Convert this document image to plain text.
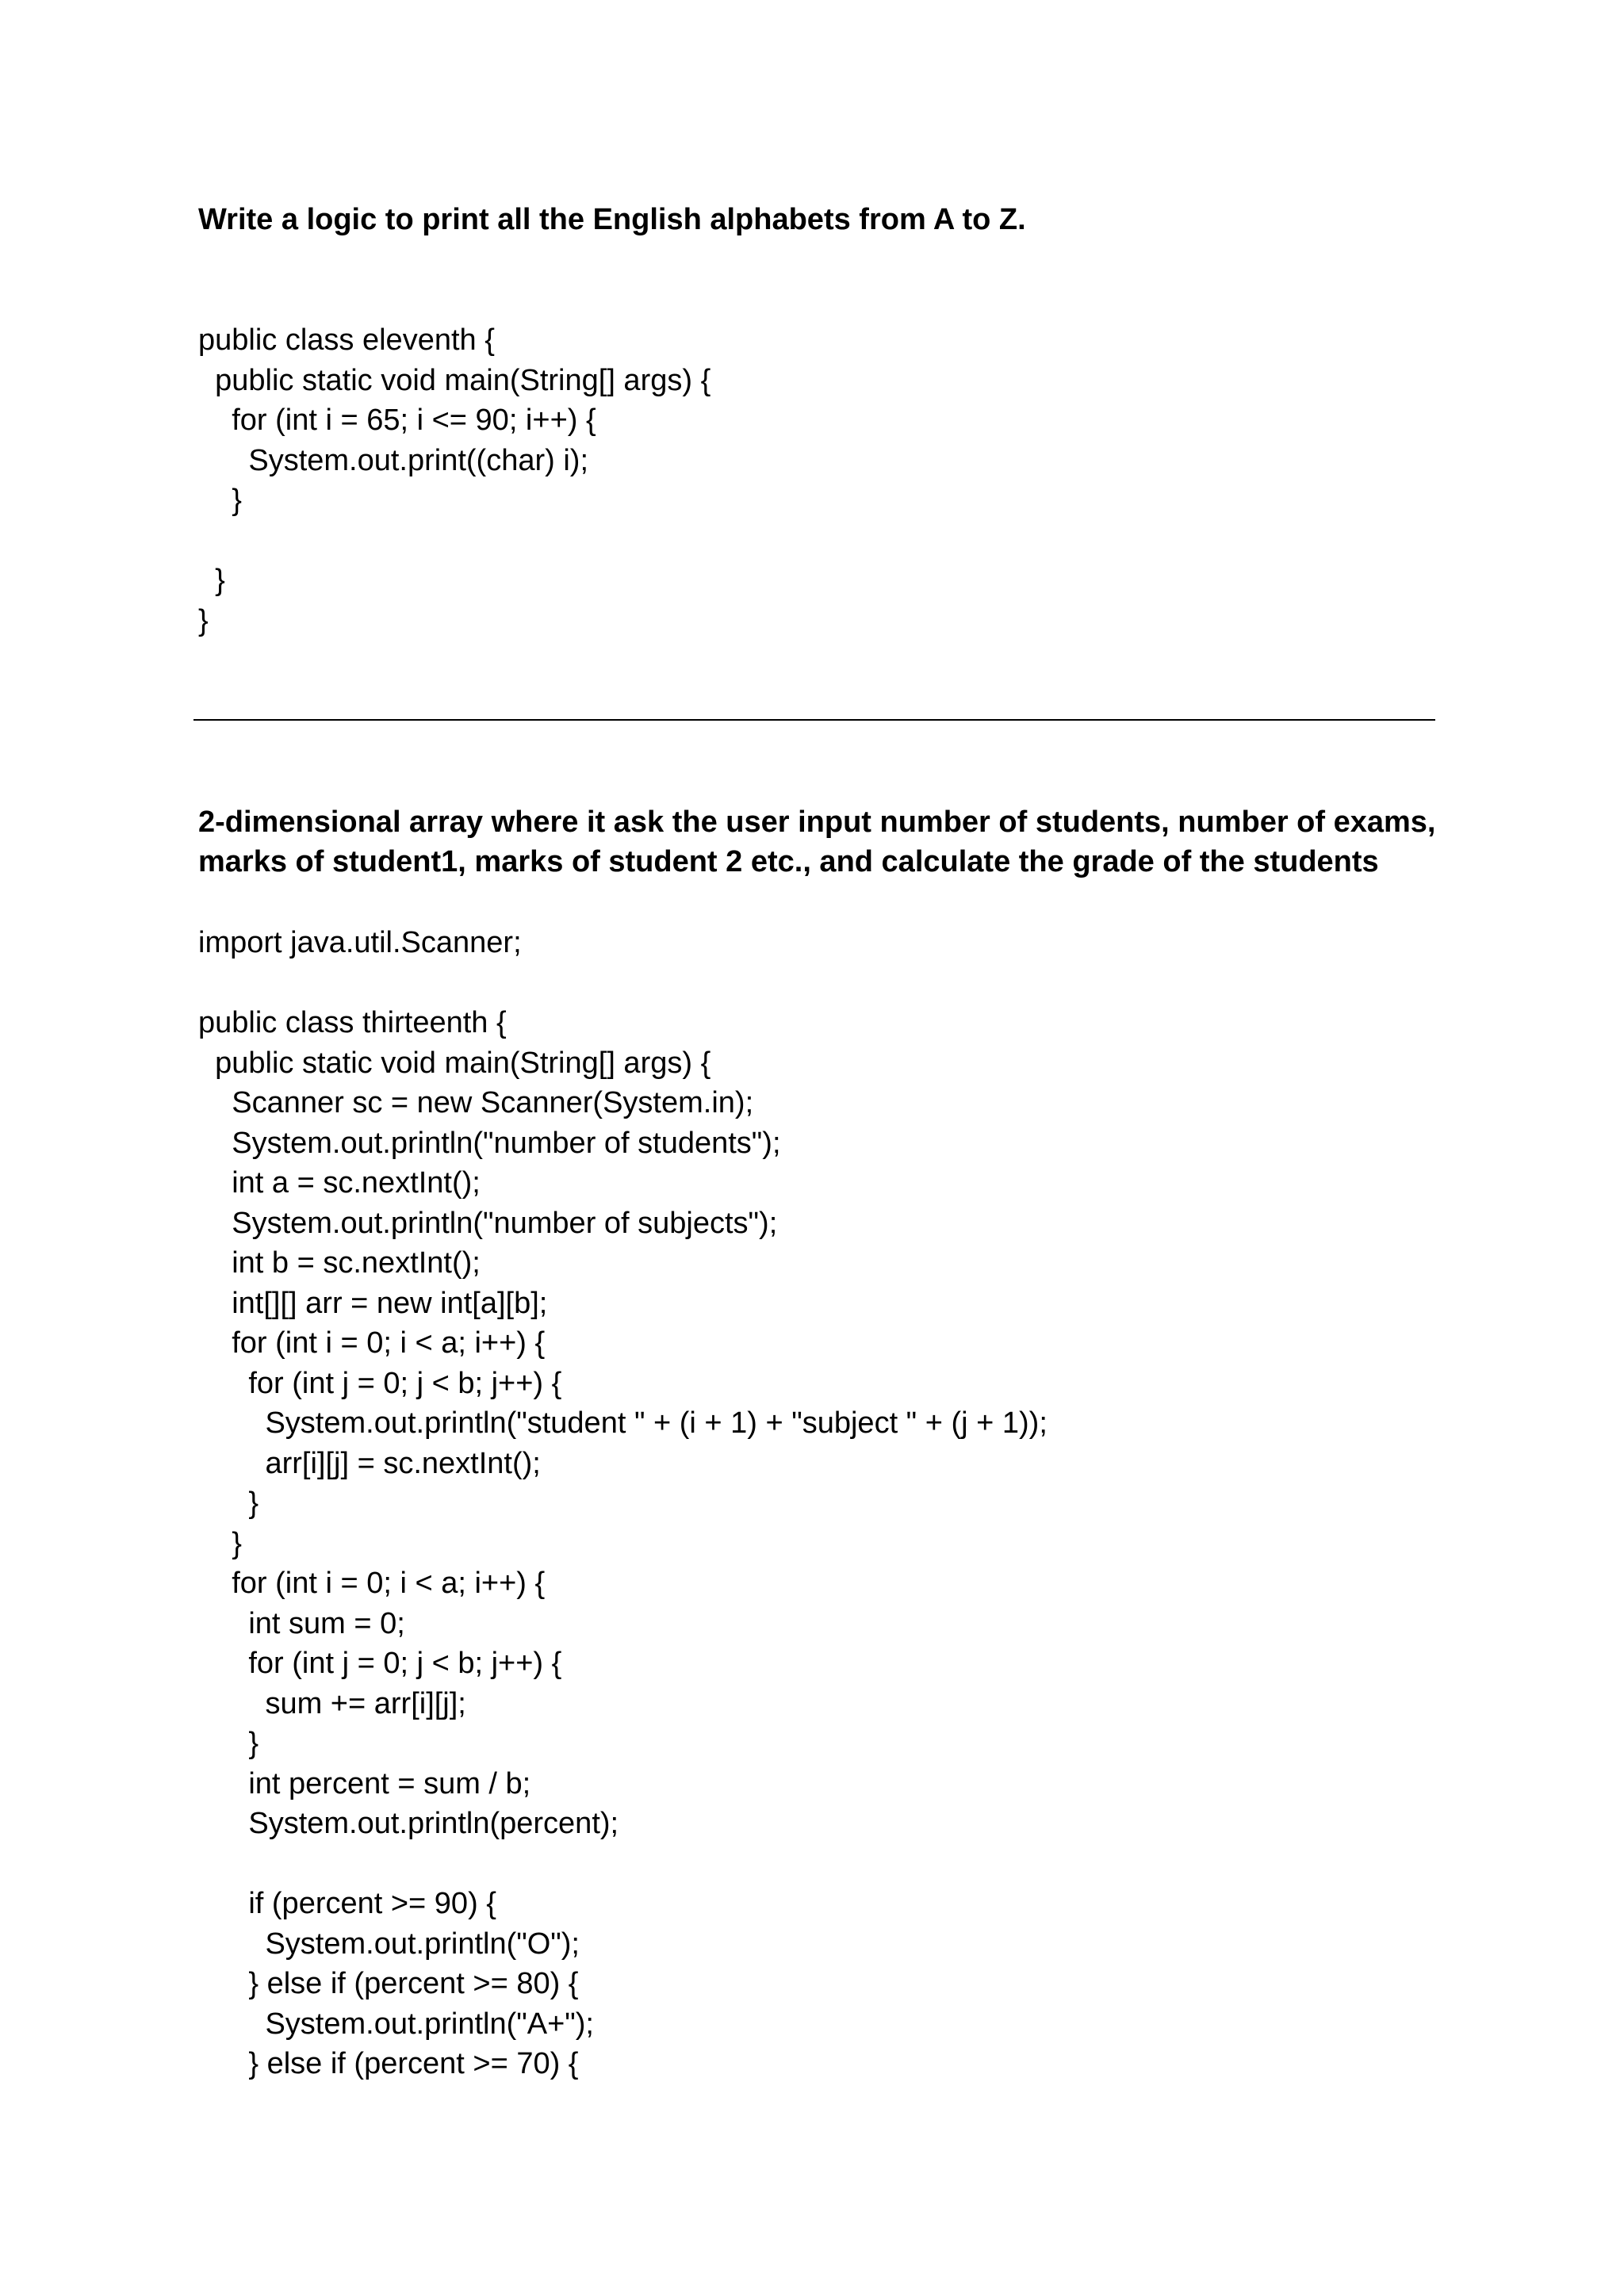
Write a logic to print all the English alphabets from A to Z.

public class eleventh {
public static void main(String[] args) {
for (int i = 65; i <= 90; i++) {
System.out.print((char) i);
}
}
}
2-dimensional array where it ask the user input number of students, number of exams,
marks of student1, marks of student 2 etc., and calculate the grade of the students
import java.util.Scanner;
public class thirteenth {
public static void main(String[] args) {
Scanner sc = new Scanner(System.in);
System.out.println("number of students");
int a = sc.nextInt();
System.out.println("number of subjects");
int b = sc.nextInt();
int[][] arr = new int[a][b];
for (int i = 0; i < a; i++) {
for (int j = 0; j < b; j++) {
System.out.println("student " + (i + 1) + "subject " + (j + 1));
arr[i][j] = sc.nextInt();
}
}
for (int i = 0; i < a; i++) {
int sum = 0;
for (int j = 0; j < b; j++) {
sum += arr[i][j];
}
int percent = sum / b;
System.out.println(percent);
if (percent >= 90) {
System.out.println("O");
} else if (percent >= 80) {
System.out.println("A+");
} else if (percent >= 70) {
